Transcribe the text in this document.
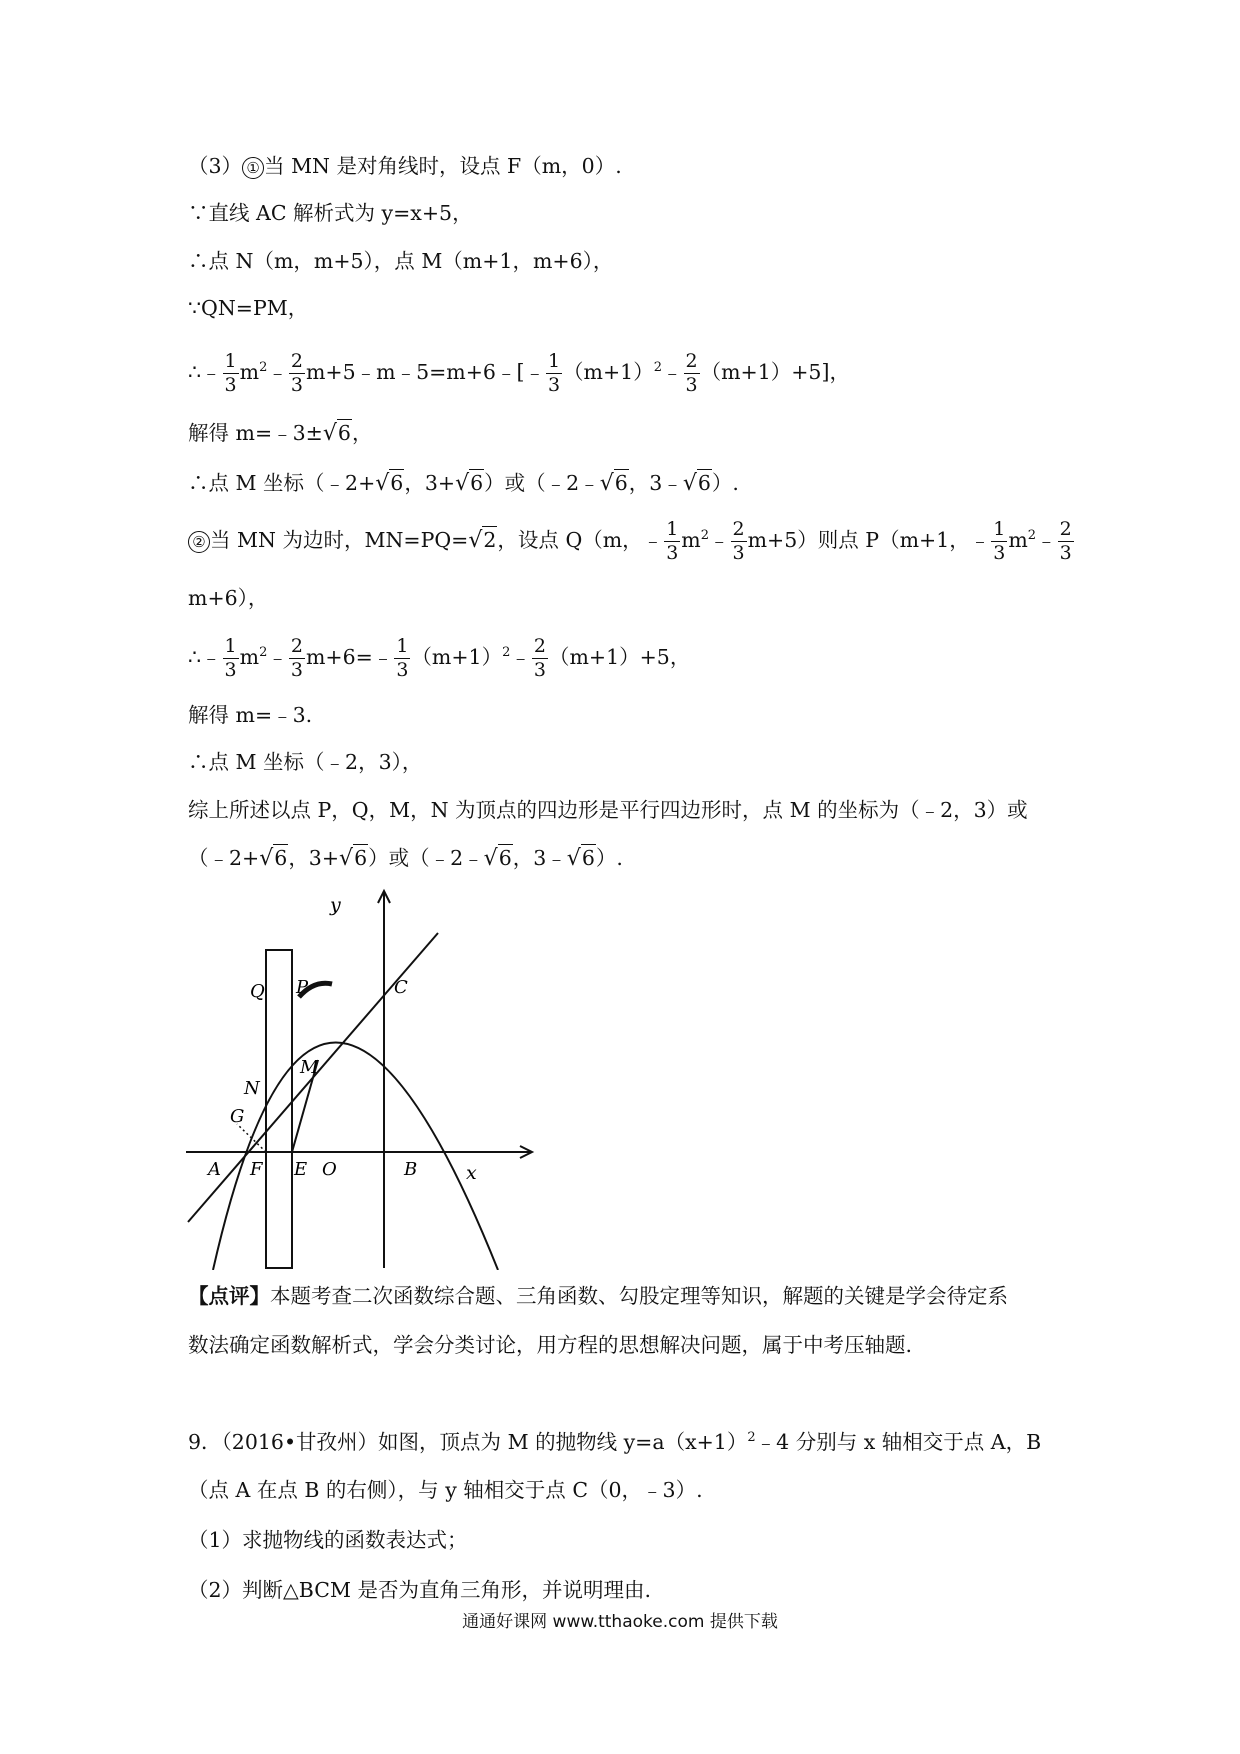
（3） ① 当 MN 是对角线时，设点 F（m，0）.
∵直线 AC 解析式为 y=x+5，
∴点 N（m，m+5），点 M（m+1，m+6），
∵QN=PM，
∴﹣ $\frac{1}{3}$ $m^2﹣ \frac{2}{3}$ m+5﹣m﹣5=m+6﹣[﹣ $\frac{1}{3}$ $(m+1)^2﹣ \frac{2}{3} (m+1)+5$]，
解得 m=﹣3±√6，
∴点 M 坐标（﹣2+√6，3+√6）或（﹣2﹣√6，3﹣√6）.
② 当 MN 为边时，MN=PQ=√2，设点 Q（m，﹣ $\frac{1}{3}$ $m^2﹣ \frac{2}{3} m+5$）则点 P（m+1，﹣ $\frac{1}{3}$ $m^2﹣ \frac{2}{3}$
m+6），
∴﹣ $\frac{1}{3}$ $m^2﹣ \frac{2}{3}$ m+6=﹣ $\frac{1}{3}$ $(m+1)^2﹣ \frac{2}{3} (m+1)+5$，
解得 m=﹣3.
∴点 M 坐标（﹣2，3），
综上所述以点 P，Q，M，N 为顶点的四边形是平行四边形时，点 M 的坐标为（﹣2，3）或
（﹣2+√6，3+√6）或（﹣2﹣√6，3﹣√6）.
y
x
Q P	C
M
N
G
A F E O	B
【点评】本题考查二次函数综合题、三角函数、勾股定理等知识，解题的关键是学会待定系
数法确定函数解析式，学会分类讨论，用方程的思想解决问题，属于中考压轴题.
9．（2016•甘孜州）如图，顶点为 M 的抛物线 $y=a(x+1)^2﹣4$ 分别与 x 轴相交于点 A，B
（点 A 在点 B 的右侧），与 y 轴相交于点 C（0，﹣3）.
（1）求抛物线的函数表达式；
（2）判断△BCM 是否为直角三角形，并说明理由.
通通好课网 www.tthaoke.com 提供下载
